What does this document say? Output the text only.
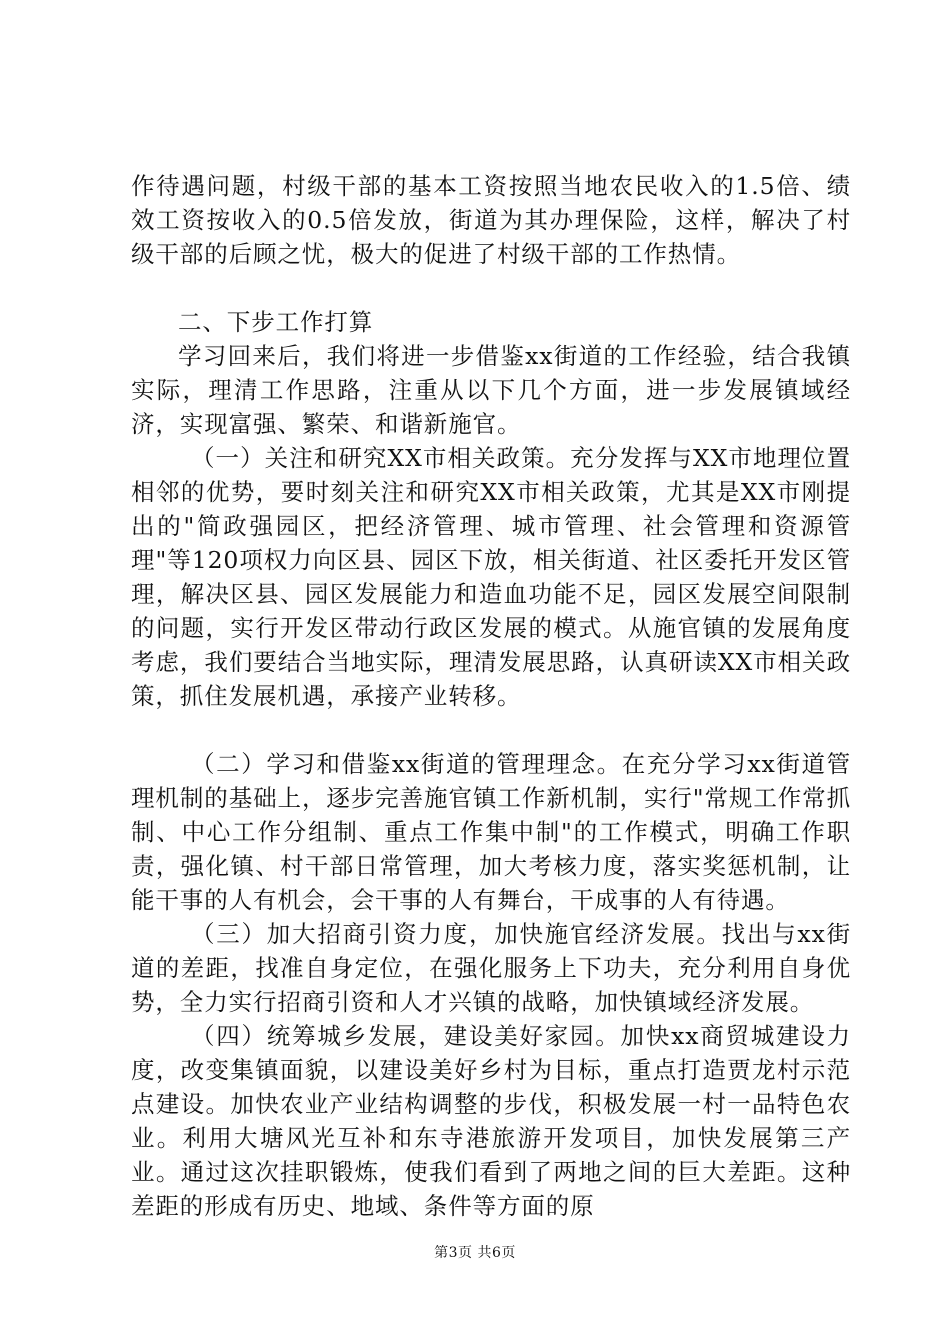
作待遇问题，村级干部的基本工资按照当地农民收入的1.5倍、绩效工资按收入的0.5倍发放，街道为其办理保险，这样，解决了村级干部的后顾之忧，极大的促进了村级干部的工作热情。

二、下步工作打算

学习回来后，我们将进一步借鉴xx街道的工作经验，结合我镇实际，理清工作思路，注重从以下几个方面，进一步发展镇域经济，实现富强、繁荣、和谐新施官。

（一）关注和研究XX市相关政策。充分发挥与XX市地理位置相邻的优势，要时刻关注和研究XX市相关政策，尤其是XX市刚提出的"简政强园区，把经济管理、城市管理、社会管理和资源管理"等120项权力向区县、园区下放，相关街道、社区委托开发区管理，解决区县、园区发展能力和造血功能不足，园区发展空间限制的问题，实行开发区带动行政区发展的模式。从施官镇的发展角度考虑，我们要结合当地实际，理清发展思路，认真研读XX市相关政策，抓住发展机遇，承接产业转移。

（二）学习和借鉴xx街道的管理理念。在充分学习xx街道管理机制的基础上，逐步完善施官镇工作新机制，实行"常规工作常抓制、中心工作分组制、重点工作集中制"的工作模式，明确工作职责，强化镇、村干部日常管理，加大考核力度，落实奖惩机制，让能干事的人有机会，会干事的人有舞台，干成事的人有待遇。

（三）加大招商引资力度，加快施官经济发展。找出与xx街道的差距，找准自身定位，在强化服务上下功夫，充分利用自身优势，全力实行招商引资和人才兴镇的战略，加快镇域经济发展。

（四）统筹城乡发展，建设美好家园。加快xx商贸城建设力度，改变集镇面貌，以建设美好乡村为目标，重点打造贾龙村示范点建设。加快农业产业结构调整的步伐，积极发展一村一品特色农业。利用大塘风光互补和东寺港旅游开发项目，加快发展第三产业。通过这次挂职锻炼，使我们看到了两地之间的巨大差距。这种差距的形成有历史、地域、条件等方面的原

第3页 共6页
